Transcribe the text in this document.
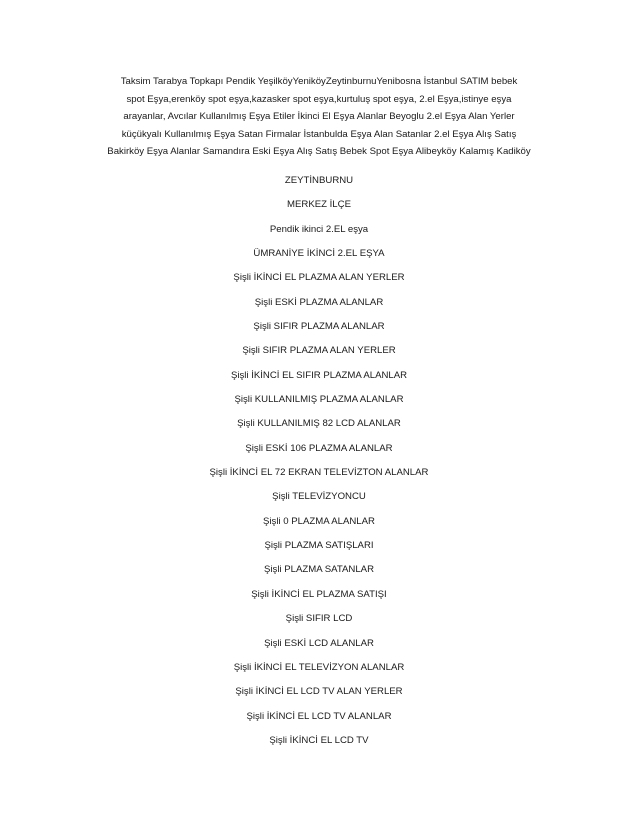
Taksim Tarabya Topkapı Pendik YeşilköyYeniköyZeytinburnuYenibosna İstanbul SATIM bebek
spot Eşya,erenköy spot eşya,kazasker spot eşya,kurtuluş spot eşya, 2.el Eşya,istinye eşya
arayanlar, Avcılar Kullanılmış Eşya Etiler İkinci El Eşya Alanlar Beyoglu 2.el Eşya Alan Yerler
küçükyalı Kullanılmış Eşya Satan Firmalar İstanbulda Eşya Alan Satanlar 2.el Eşya Alış Satış
Bakirköy Eşya Alanlar Samandıra Eski Eşya Alış Satış Bebek Spot Eşya Alibeyköy Kalamış Kadiköy

ZEYTİNBURNU
MERKEZ İLÇE
Pendik ikinci 2.EL eşya
ÜMRANİYE İKİNCİ 2.EL EŞYA
Şişli İKİNCİ EL PLAZMA ALAN YERLER
Şişli ESKİ PLAZMA ALANLAR
Şişli SIFIR PLAZMA ALANLAR
Şişli SIFIR PLAZMA ALAN YERLER
Şişli İKİNCİ EL SIFIR PLAZMA ALANLAR
Şişli KULLANILMIŞ PLAZMA ALANLAR
Şişli KULLANILMIŞ 82 LCD ALANLAR
Şişli ESKİ 106 PLAZMA ALANLAR
Şişli İKİNCİ EL 72 EKRAN TELEVİZTON ALANLAR
Şişli TELEVİZYONCU
Şişli 0 PLAZMA ALANLAR
Şişli PLAZMA SATIŞLARI
Şişli PLAZMA SATANLAR
Şişli İKİNCİ EL PLAZMA SATIŞI
Şişli SIFIR LCD
Şişli ESKİ LCD ALANLAR
Şişli İKİNCİ EL TELEVİZYON ALANLAR
Şişli İKİNCİ EL LCD TV ALAN YERLER
Şişli İKİNCİ EL LCD TV ALANLAR
Şişli İKİNCİ EL LCD TV
